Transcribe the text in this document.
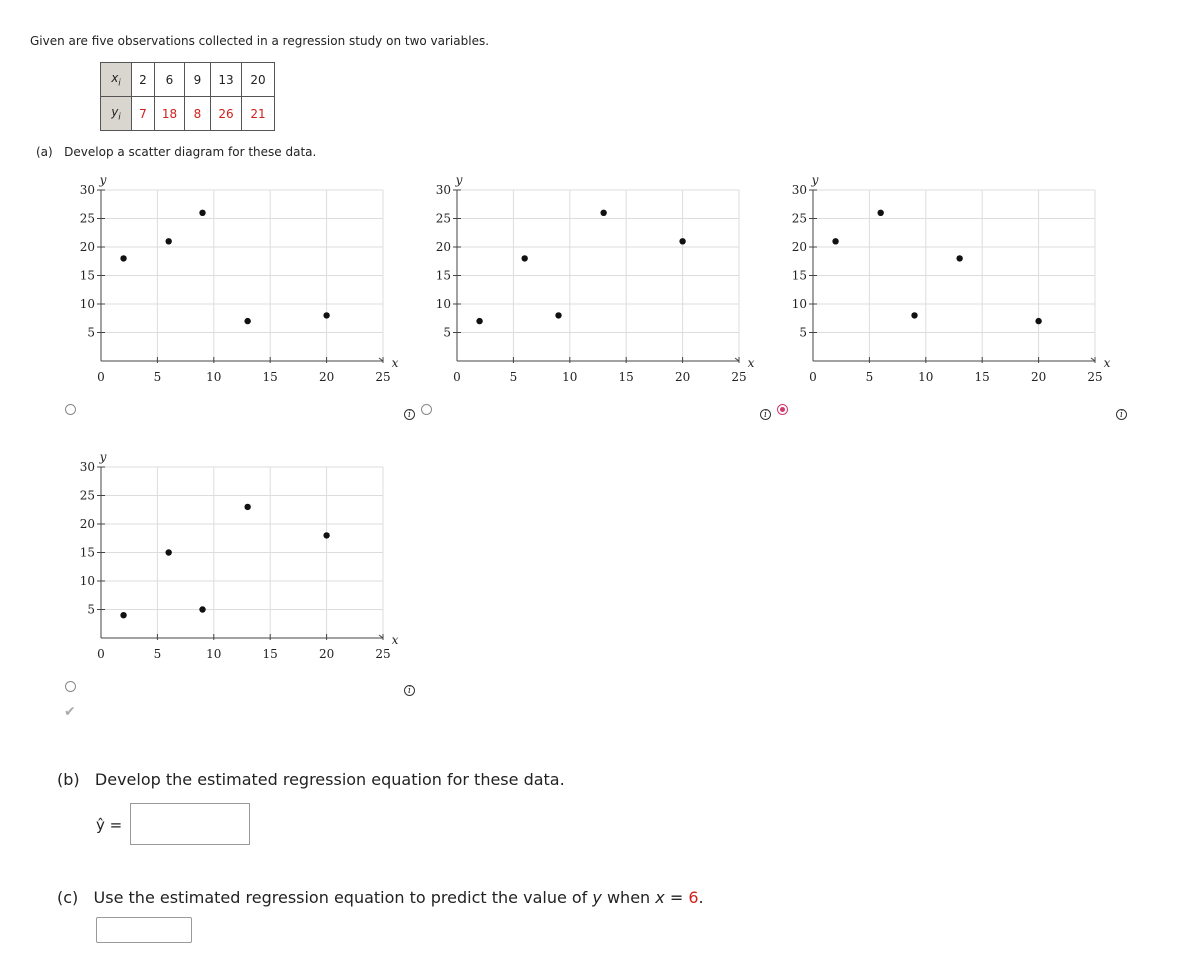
Given are five observations collected in a regression study on two variables.
$x_i$	2	6	9	13	20
$y_i$	7	18	8	26	21
(a) Develop a scatter diagram for these data.
5
10
15
20
25
30
0	5	10	15	20	25
y
x
5
10
15
20
25
30
0	5	10	15	20	25
y
x
5
10
15
20
25
30
0	5	10	15	20	25
y
x
5
10
15
20
25
30
0	5	10	15	20	25
y
x
i	i	i
i
✔
(b) Develop the estimated regression equation for these data.
ŷ =
(c) Use the estimated regression equation to predict the value of y when x = 6.
